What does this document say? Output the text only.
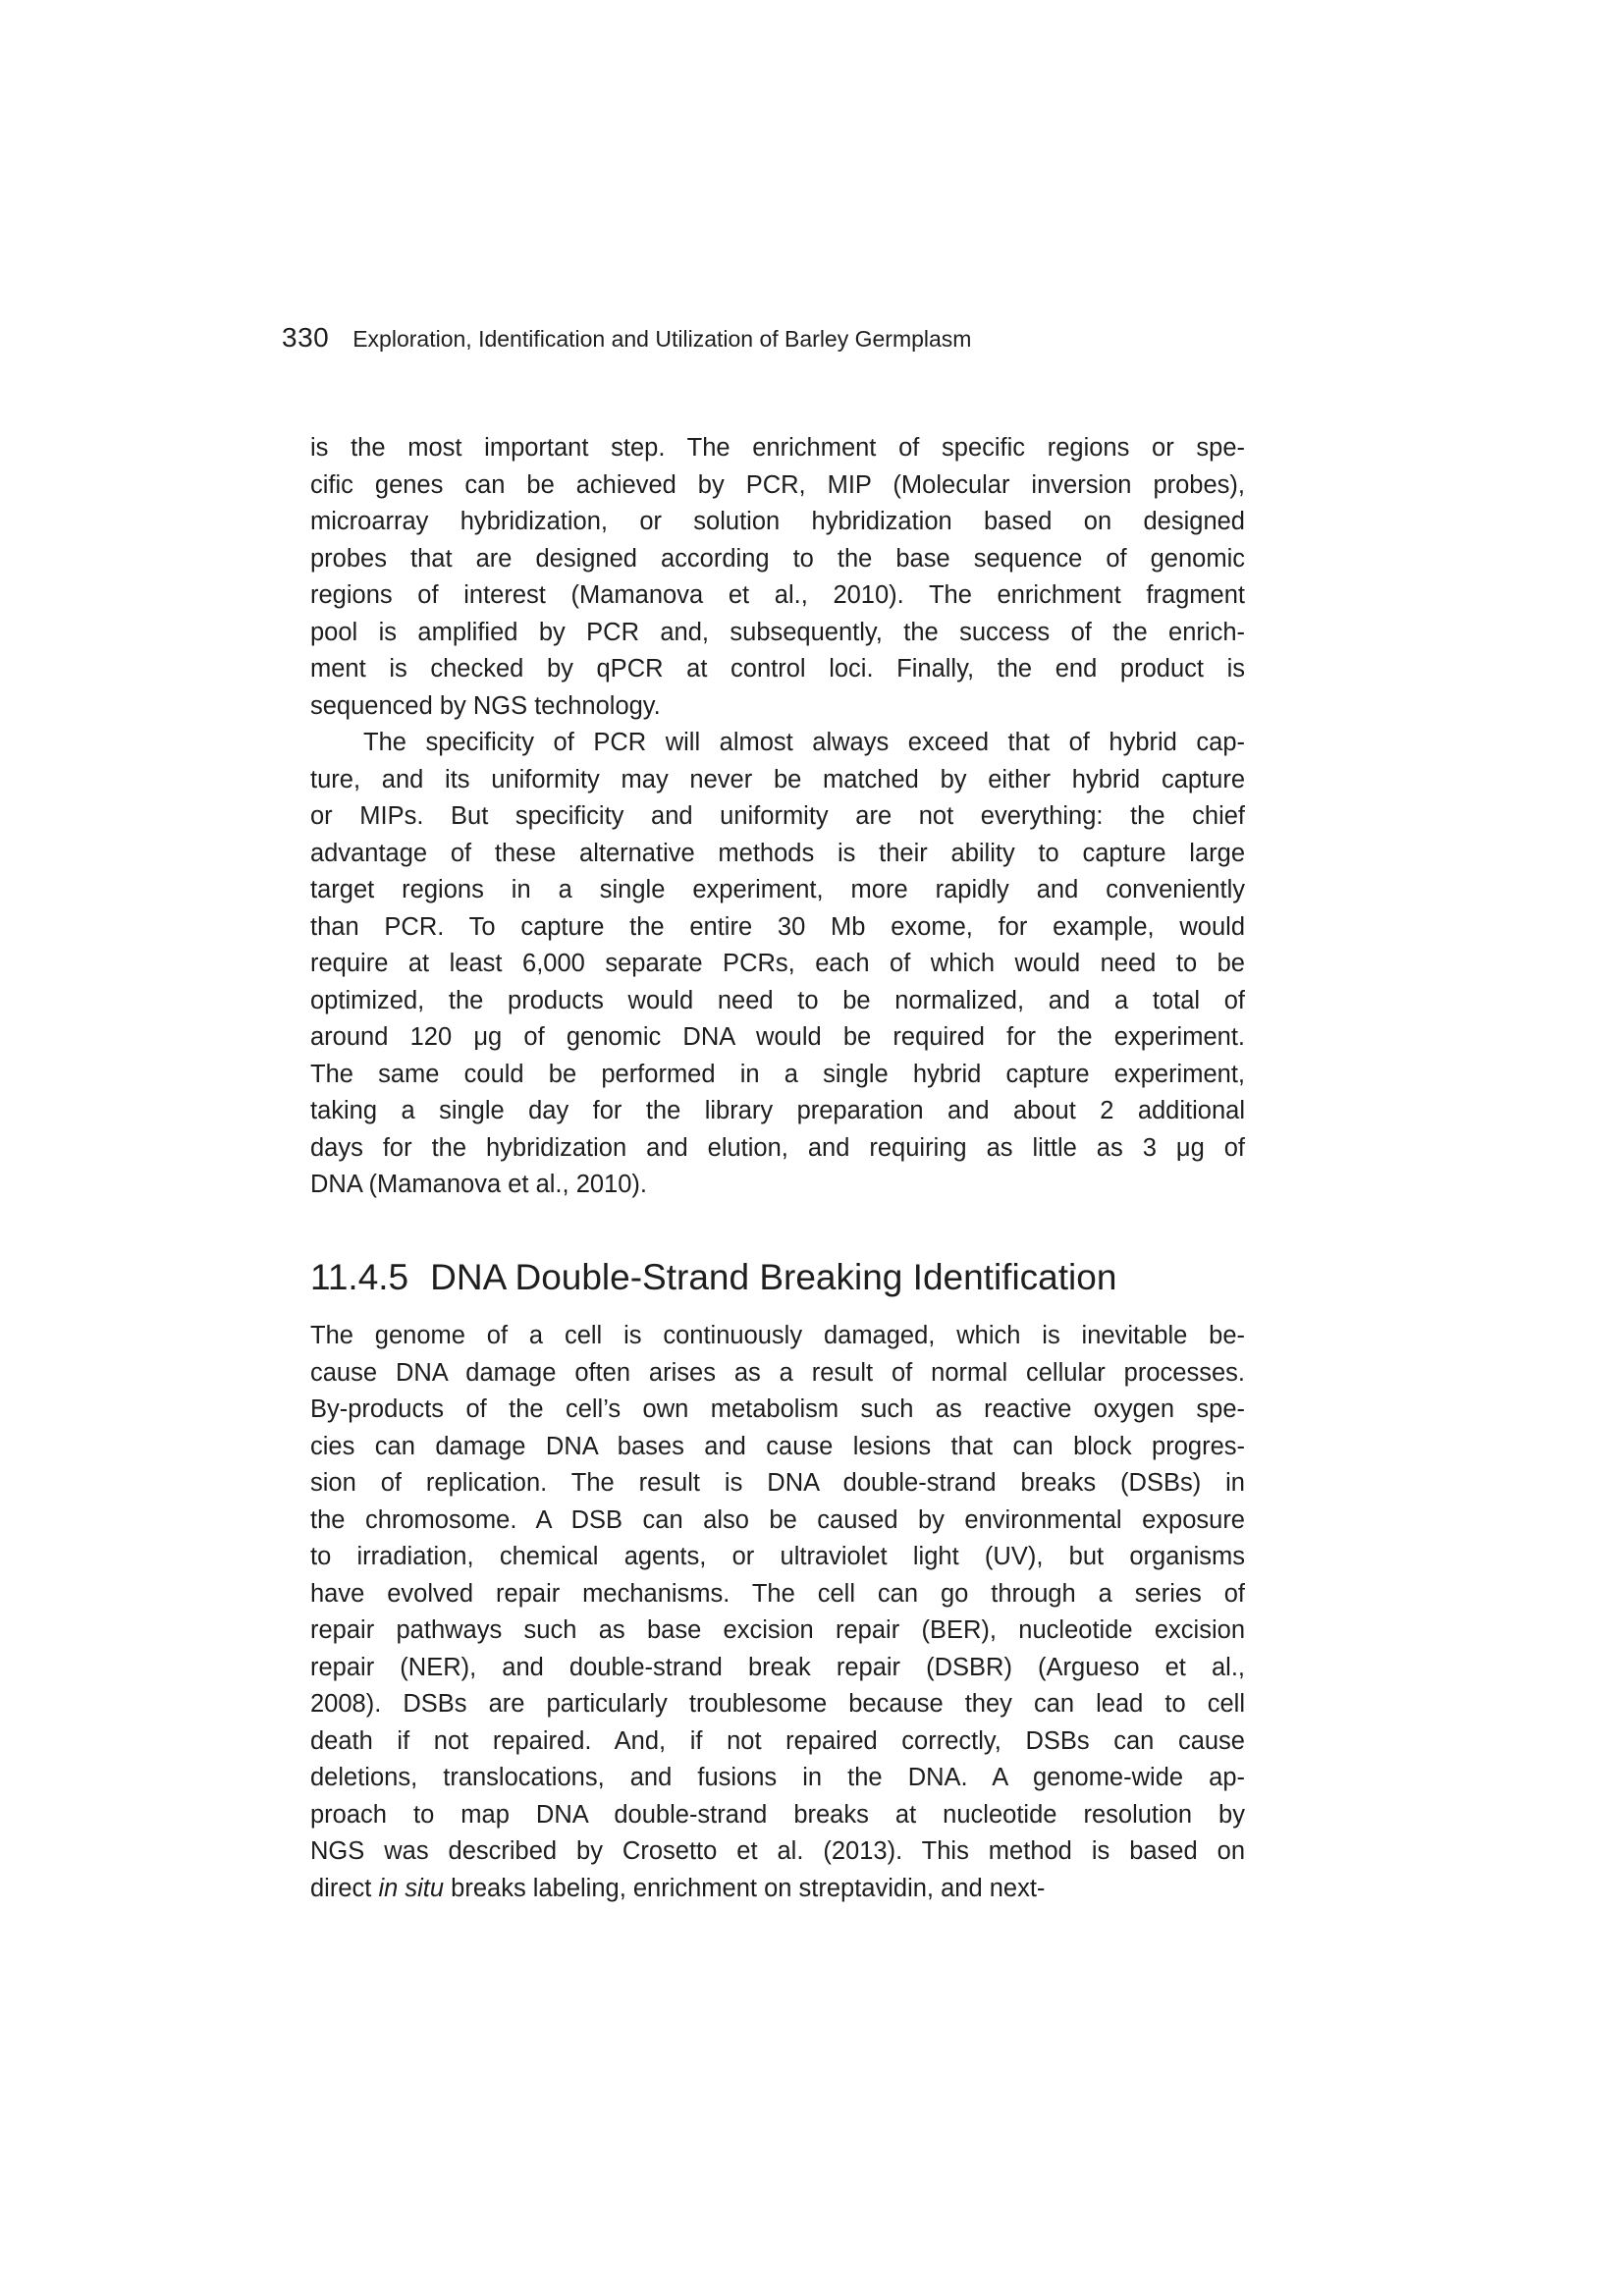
330 Exploration, Identification and Utilization of Barley Germplasm
is the most important step. The enrichment of specific regions or spe-
cific genes can be achieved by PCR, MIP (Molecular inversion probes),
microarray hybridization, or solution hybridization based on designed
probes that are designed according to the base sequence of genomic
regions of interest (Mamanova et al., 2010). The enrichment fragment
pool is amplified by PCR and, subsequently, the success of the enrich-
ment is checked by qPCR at control loci. Finally, the end product is
sequenced by NGS technology.
The specificity of PCR will almost always exceed that of hybrid cap-
ture, and its uniformity may never be matched by either hybrid capture
or MIPs. But specificity and uniformity are not everything: the chief
advantage of these alternative methods is their ability to capture large
target regions in a single experiment, more rapidly and conveniently
than PCR. To capture the entire 30 Mb exome, for example, would
require at least 6,000 separate PCRs, each of which would need to be
optimized, the products would need to be normalized, and a total of
around 120 μg of genomic DNA would be required for the experiment.
The same could be performed in a single hybrid capture experiment,
taking a single day for the library preparation and about 2 additional
days for the hybridization and elution, and requiring as little as 3 μg of
DNA (Mamanova et al., 2010).
11.4.5 DNA Double-Strand Breaking Identification
The genome of a cell is continuously damaged, which is inevitable be-
cause DNA damage often arises as a result of normal cellular processes.
By-products of the cell’s own metabolism such as reactive oxygen spe-
cies can damage DNA bases and cause lesions that can block progres-
sion of replication. The result is DNA double-strand breaks (DSBs) in
the chromosome. A DSB can also be caused by environmental exposure
to irradiation, chemical agents, or ultraviolet light (UV), but organisms
have evolved repair mechanisms. The cell can go through a series of
repair pathways such as base excision repair (BER), nucleotide excision
repair (NER), and double-strand break repair (DSBR) (Argueso et al.,
2008). DSBs are particularly troublesome because they can lead to cell
death if not repaired. And, if not repaired correctly, DSBs can cause
deletions, translocations, and fusions in the DNA. A genome-wide ap-
proach to map DNA double-strand breaks at nucleotide resolution by
NGS was described by Crosetto et al. (2013). This method is based on
direct in situ breaks labeling, enrichment on streptavidin, and next-
